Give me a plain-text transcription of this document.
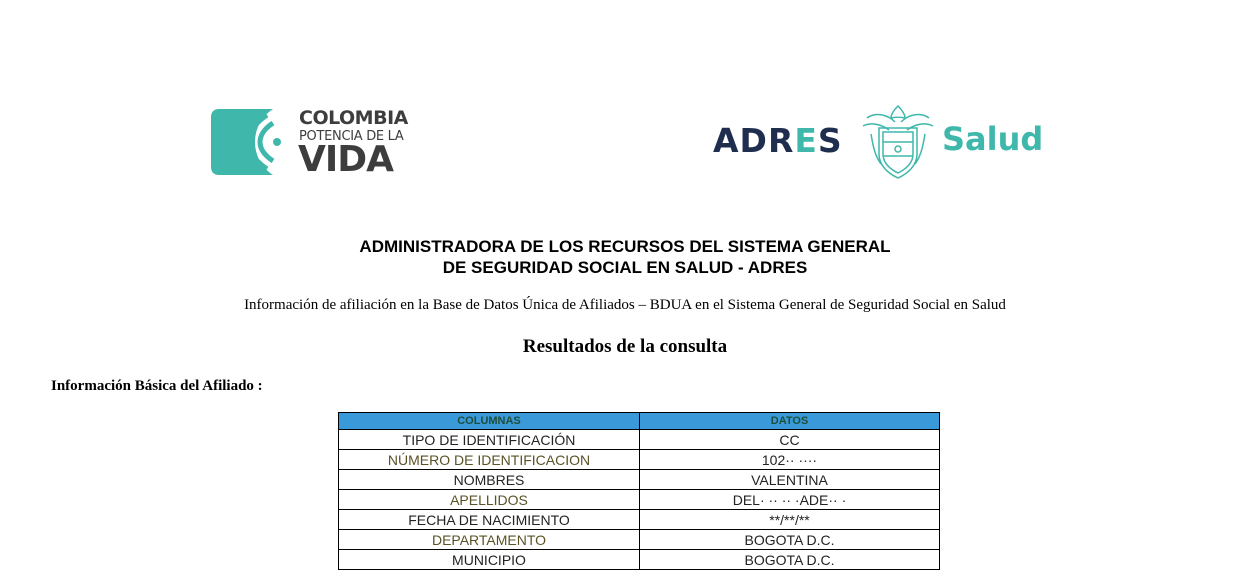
COLOMBIA
POTENCIA DE LA
VIDA	ADRES	Salud
ADMINISTRADORA DE LOS RECURSOS DEL SISTEMA GENERAL
DE SEGURIDAD SOCIAL EN SALUD - ADRES
Información de afiliación en la Base de Datos Única de Afiliados – BDUA en el Sistema General de Seguridad Social en Salud
Resultados de la consulta
Información Básica del Afiliado :
COLUMNAS	DATOS
TIPO DE IDENTIFICACIÓN	CC
NÚMERO DE IDENTIFICACION	102·· ····
NOMBRES	VALENTINA
APELLIDOS	DEL· ·· ·· ·ADE·· ·
FECHA DE NACIMIENTO	**/**/**
DEPARTAMENTO	BOGOTA D.C.
MUNICIPIO	BOGOTA D.C.
